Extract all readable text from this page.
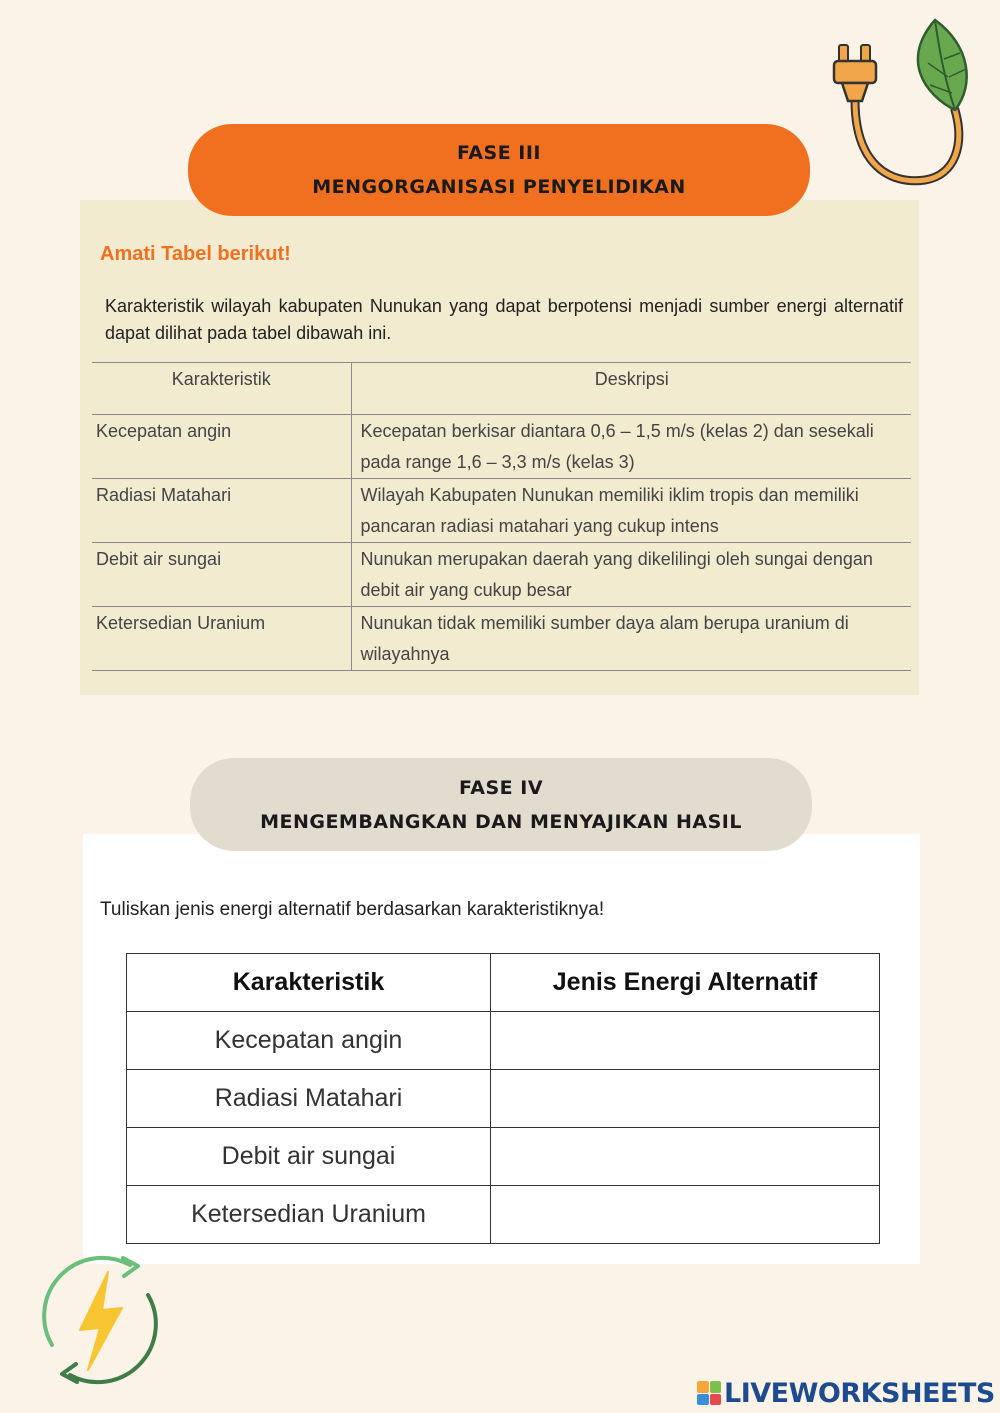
FASE III
MENGORGANISASI PENYELIDIKAN
Amati Tabel berikut!

Karakteristik wilayah kabupaten Nunukan yang dapat berpotensi menjadi sumber energi alternatif dapat dilihat pada tabel dibawah ini.

Karakteristik	Deskripsi
Kecepatan angin	Kecepatan berkisar diantara 0,6 – 1,5 m/s (kelas 2) dan sesekali pada range 1,6 – 3,3 m/s (kelas 3)
Radiasi Matahari	Wilayah Kabupaten Nunukan memiliki iklim tropis dan memiliki pancaran radiasi matahari yang cukup intens
Debit air sungai	Nunukan merupakan daerah yang dikelilingi oleh sungai dengan debit air yang cukup besar
Ketersedian Uranium	Nunukan tidak memiliki sumber daya alam berupa uranium di wilayahnya
FASE IV
MENGEMBANGKAN DAN MENYAJIKAN HASIL
Tuliskan jenis energi alternatif berdasarkan karakteristiknya!
Karakteristik	Jenis Energi Alternatif
Kecepatan angin	
Radiasi Matahari	
Debit air sungai	
Ketersedian Uranium	
LIVEWORKSHEETS
